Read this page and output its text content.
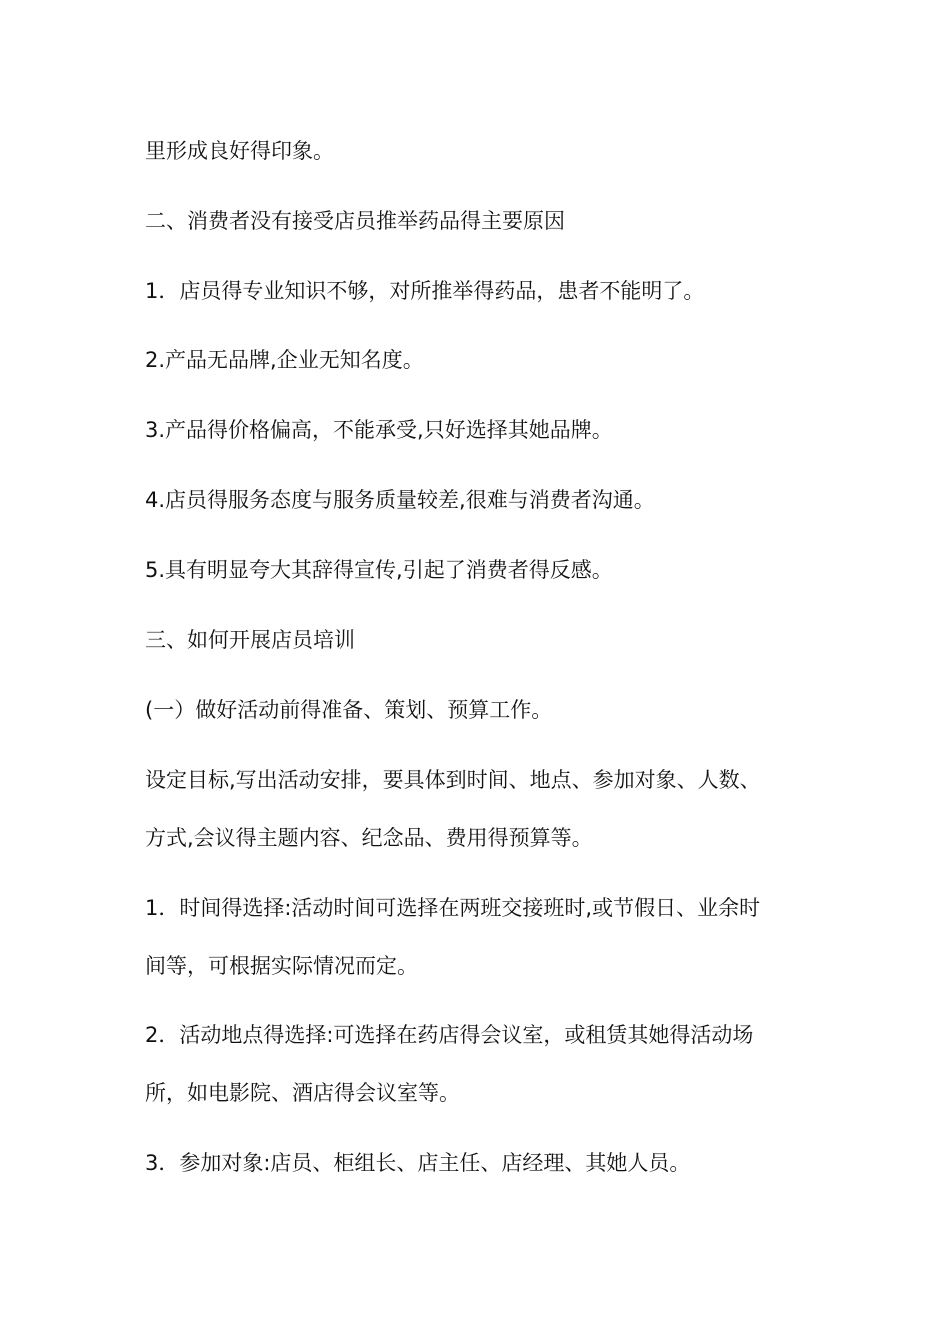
里形成良好得印象。
二、消费者没有接受店员推举药品得主要原因
1．店员得专业知识不够，对所推举得药品，患者不能明了。
2.产品无品牌,企业无知名度。
3.产品得价格偏高，不能承受,只好选择其她品牌。
4.店员得服务态度与服务质量较差,很难与消费者沟通。
5.具有明显夸大其辞得宣传,引起了消费者得反感。
三、如何开展店员培训
(一）做好活动前得准备、策划、预算工作。
设定目标,写出活动安排，要具体到时间、地点、参加对象、人数、
方式,会议得主题内容、纪念品、费用得预算等。
1．时间得选择:活动时间可选择在两班交接班时,或节假日、业余时
间等，可根据实际情况而定。
2．活动地点得选择:可选择在药店得会议室，或租赁其她得活动场
所，如电影院、酒店得会议室等。
3．参加对象:店员、柜组长、店主任、店经理、其她人员。
